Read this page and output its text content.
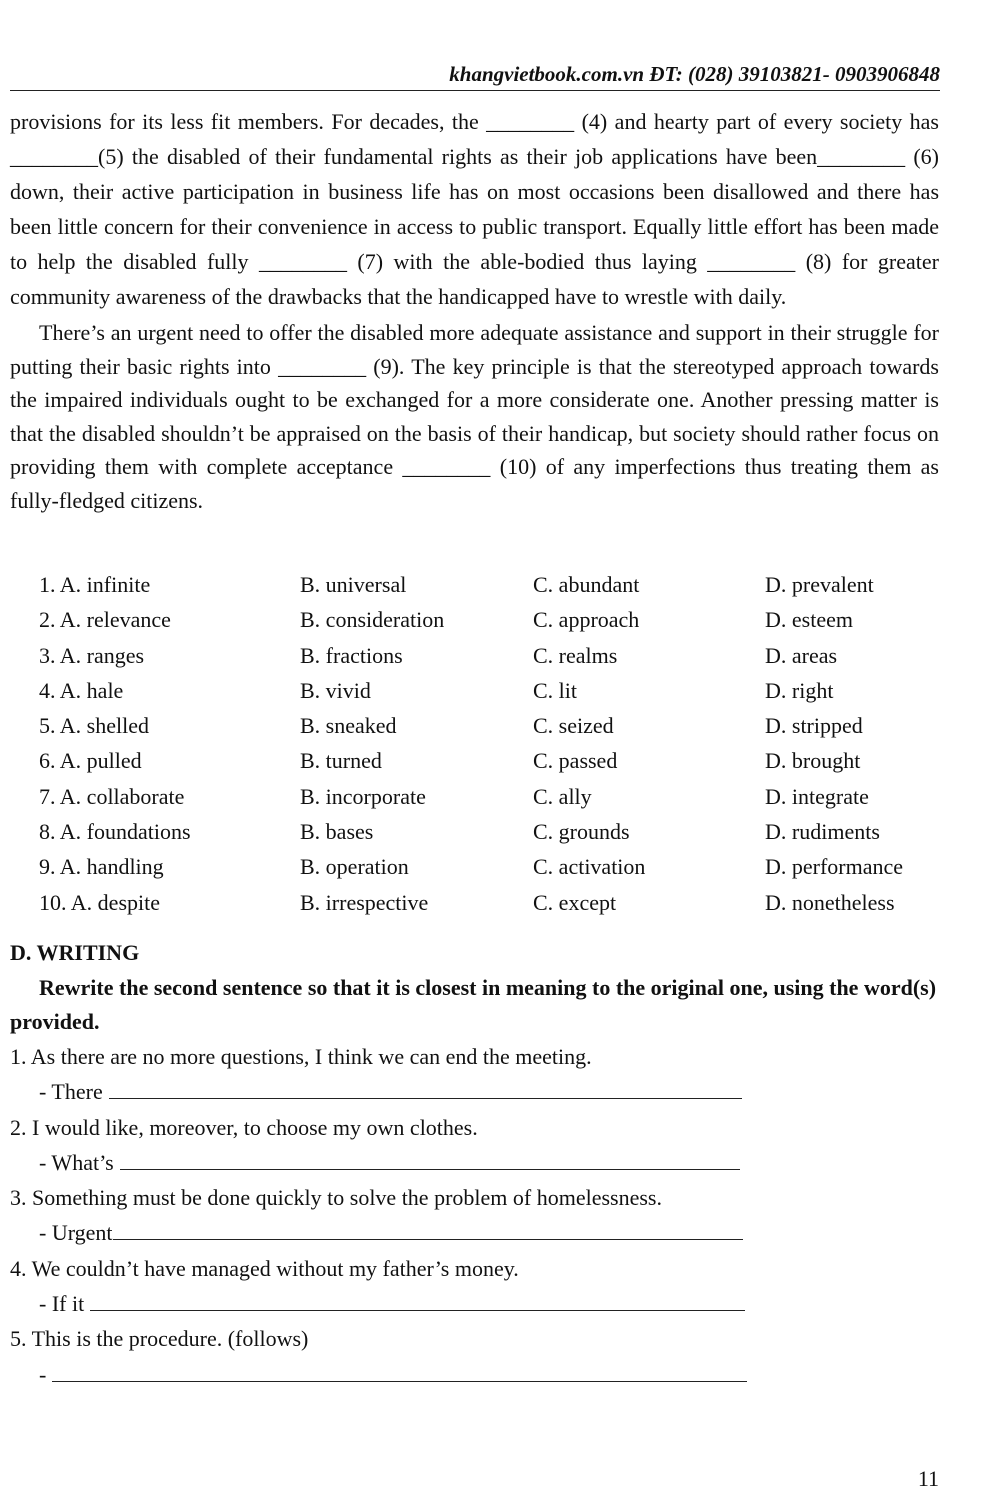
khangvietbook.com.vn ĐT: (028) 39103821- 0903906848

provisions for its less fit members. For decades, the ________ (4) and hearty part of every society has ________(5) the disabled of their fundamental rights as their job applications have been________ (6) down, their active participation in business life has on most occasions been disallowed and there has been little concern for their convenience in access to public transport. Equally little effort has been made to help the disabled fully ________ (7) with the able-bodied thus laying ________ (8) for greater community awareness of the drawbacks that the handicapped have to wrestle with daily.

There’s an urgent need to offer the disabled more adequate assistance and support in their struggle for putting their basic rights into ________ (9). The key principle is that the stereotyped approach towards the impaired individuals ought to be exchanged for a more considerate one. Another pressing matter is that the disabled shouldn’t be appraised on the basis of their handicap, but society should rather focus on providing them with complete acceptance ________ (10) of any imperfections thus treating them as fully-fledged citizens.

1. A. infinite	B. universal	C. abundant	D. prevalent
2. A. relevance	B. consideration	C. approach	D. esteem
3. A. ranges	B. fractions	C. realms	D. areas
4. A. hale	B. vivid	C. lit	D. right
5. A. shelled	B. sneaked	C. seized	D. stripped
6. A. pulled	B. turned	C. passed	D. brought
7. A. collaborate	B. incorporate	C. ally	D. integrate
8. A. foundations	B. bases	C. grounds	D. rudiments
9. A. handling	B. operation	C. activation	D. performance
10. A. despite	B. irrespective	C. except	D. nonetheless
D. WRITING

Rewrite the second sentence so that it is closest in meaning to the original one, using the word(s) provided.

1. As there are no more questions, I think we can end the meeting.
- There
2. I would like, moreover, to choose my own clothes.
- What’s
3. Something must be done quickly to solve the problem of homelessness.
- Urgent
4. We couldn’t have managed without my father’s money.
- If it
5. This is the procedure. (follows)
-
11
